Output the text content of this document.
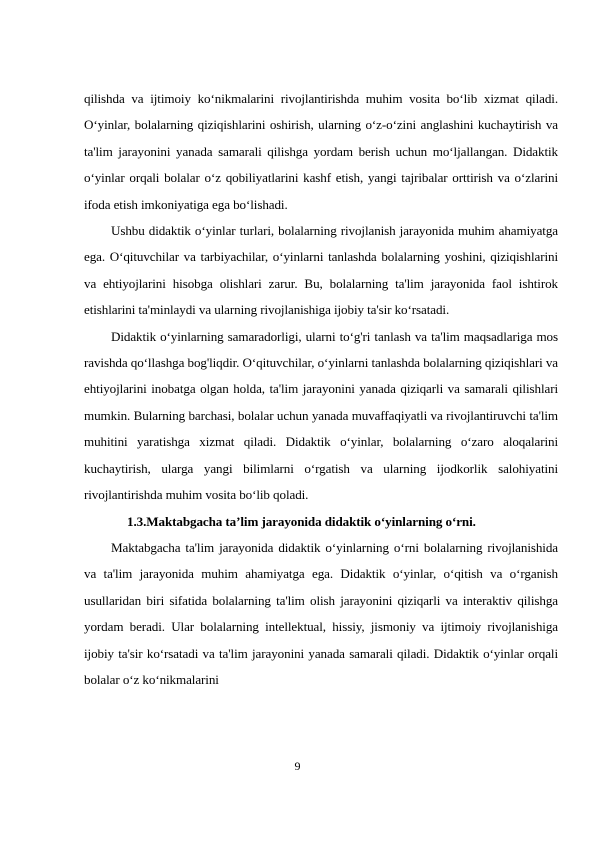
qilishda va ijtimoiy ko‘nikmalarini rivojlantirishda muhim vosita bo‘lib xizmat qiladi. O‘yinlar, bolalarning qiziqishlarini oshirish, ularning o‘z-o‘zini anglashini kuchaytirish va ta'lim jarayonini yanada samarali qilishga yordam berish uchun mo‘ljallangan. Didaktik o‘yinlar orqali bolalar o‘z qobiliyatlarini kashf etish, yangi tajribalar orttirish va o‘zlarini ifoda etish imkoniyatiga ega bo‘lishadi.

Ushbu didaktik o‘yinlar turlari, bolalarning rivojlanish jarayonida muhim ahamiyatga ega. O‘qituvchilar va tarbiyachilar, o‘yinlarni tanlashda bolalarning yoshini, qiziqishlarini va ehtiyojlarini hisobga olishlari zarur. Bu, bolalarning ta'lim jarayonida faol ishtirok etishlarini ta'minlaydi va ularning rivojlanishiga ijobiy ta'sir ko‘rsatadi.

Didaktik o‘yinlarning samaradorligi, ularni to‘g'ri tanlash va ta'lim maqsadlariga mos ravishda qo‘llashga bog'liqdir. O‘qituvchilar, o‘yinlarni tanlashda bolalarning qiziqishlari va ehtiyojlarini inobatga olgan holda, ta'lim jarayonini yanada qiziqarli va samarali qilishlari mumkin. Bularning barchasi, bolalar uchun yanada muvaffaqiyatli va rivojlantiruvchi ta'lim muhitini yaratishga xizmat qiladi. Didaktik o‘yinlar, bolalarning o‘zaro aloqalarini kuchaytirish, ularga yangi bilimlarni o‘rgatish va ularning ijodkorlik salohiyatini rivojlantirishda muhim vosita bo‘lib qoladi.

1.3.Maktabgacha ta’lim jarayonida didaktik o‘yinlarning o‘rni.

Maktabgacha ta'lim jarayonida didaktik o‘yinlarning o‘rni bolalarning rivojlanishida va ta'lim jarayonida muhim ahamiyatga ega. Didaktik o‘yinlar, o‘qitish va o‘rganish usullaridan biri sifatida bolalarning ta'lim olish jarayonini qiziqarli va interaktiv qilishga yordam beradi. Ular bolalarning intellektual, hissiy, jismoniy va ijtimoiy rivojlanishiga ijobiy ta'sir ko‘rsatadi va ta'lim jarayonini yanada samarali qiladi. Didaktik o‘yinlar orqali bolalar o‘z ko‘nikmalarini

9
